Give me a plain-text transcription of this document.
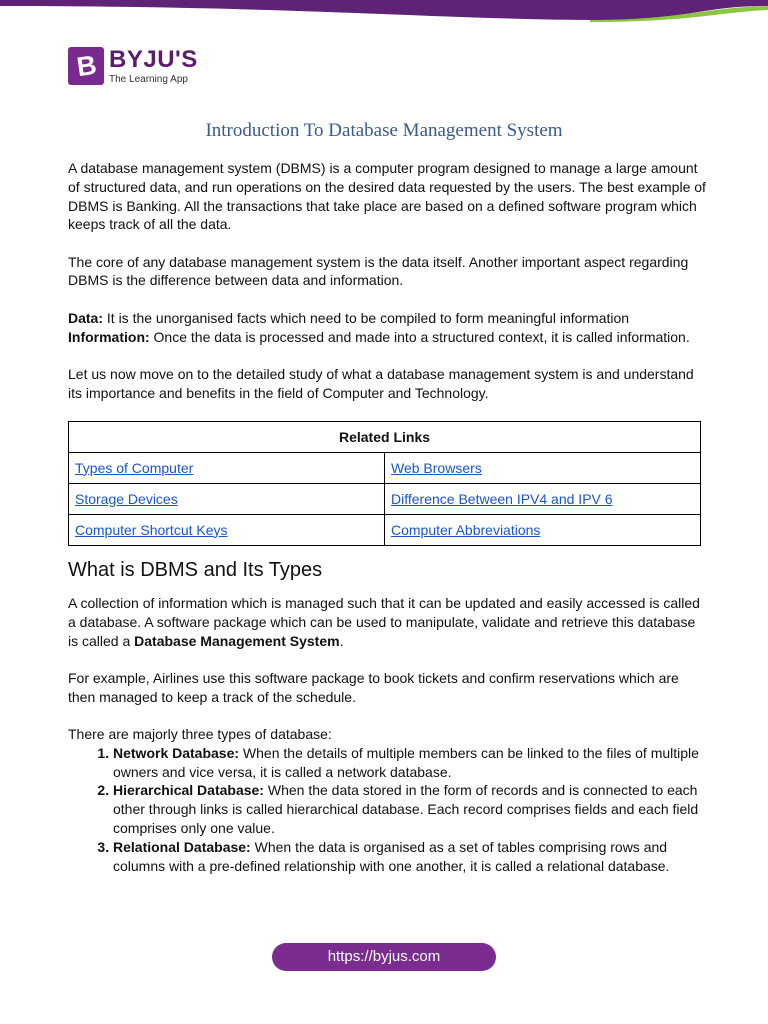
B BYJU'S
The Learning App
Introduction To Database Management System

A database management system (DBMS) is a computer program designed to manage a large amount of structured data, and run operations on the desired data requested by the users. The best example of DBMS is Banking. All the transactions that take place are based on a defined software program which keeps track of all the data.

The core of any database management system is the data itself. Another important aspect regarding DBMS is the difference between data and information.

Data: It is the unorganised facts which need to be compiled to form meaningful information

Information: Once the data is processed and made into a structured context, it is called information.

Let us now move on to the detailed study of what a database management system is and understand its importance and benefits in the field of Computer and Technology.

Related Links	
Types of Computer	Web Browsers
Storage Devices	Difference Between IPV4 and IPV 6
Computer Shortcut Keys	Computer Abbreviations
What is DBMS and Its Types

A collection of information which is managed such that it can be updated and easily accessed is called a database. A software package which can be used to manipulate, validate and retrieve this database is called a Database Management System.

For example, Airlines use this software package to book tickets and confirm reservations which are then managed to keep a track of the schedule.

There are majorly three types of database:

1. Network Database: When the details of multiple members can be linked to the files of multiple owners and vice versa, it is called a network database.
2. Hierarchical Database: When the data stored in the form of records and is connected to each other through links is called hierarchical database. Each record comprises fields and each field comprises only one value.
3. Relational Database: When the data is organised as a set of tables comprising rows and columns with a pre-defined relationship with one another, it is called a relational database.
https://byjus.com
